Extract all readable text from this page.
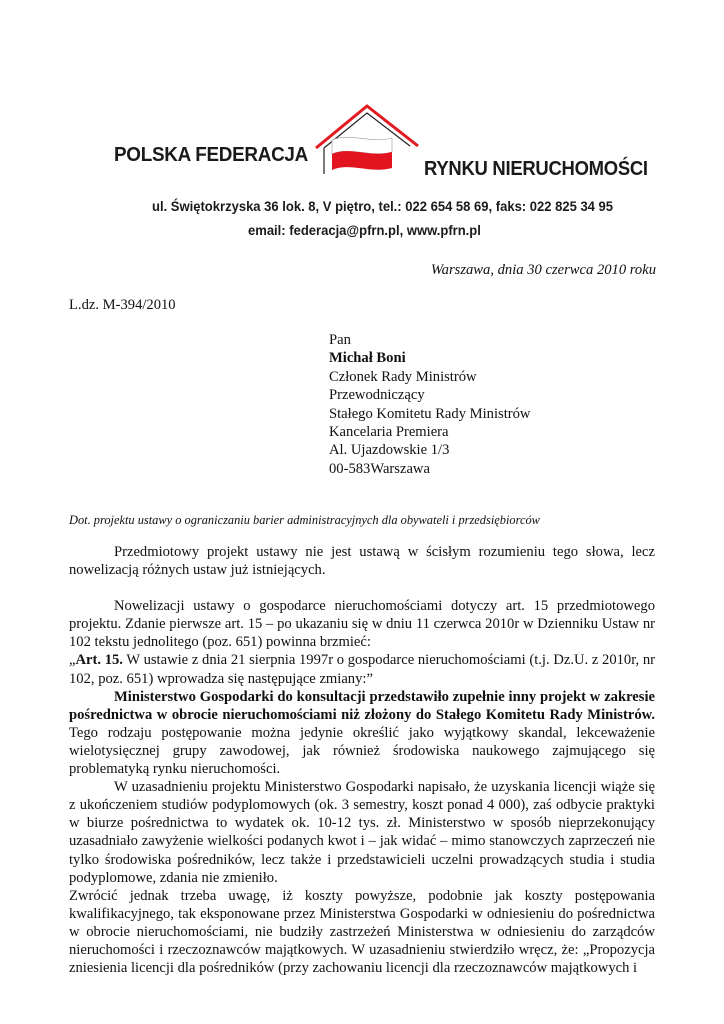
POLSKA FEDERACJA
RYNKU NIERUCHOMOŚCI
ul. Świętokrzyska 36 lok. 8, V piętro, tel.: 022 654 58 69, faks: 022 825 34 95
email: federacja@pfrn.pl, www.pfrn.pl
Warszawa, dnia 30 czerwca 2010 roku
L.dz. M-394/2010
Pan
Michał Boni
Członek Rady Ministrów
Przewodniczący
Stałego Komitetu Rady Ministrów
Kancelaria Premiera
Al. Ujazdowskie 1/3
00-583Warszawa
Dot. projektu ustawy o ograniczaniu barier administracyjnych dla obywateli i przedsiębiorców

Przedmiotowy projekt ustawy nie jest ustawą w ścisłym rozumieniu tego słowa, lecz nowelizacją różnych ustaw już istniejących.

Nowelizacji ustawy o gospodarce nieruchomościami dotyczy art. 15 przedmiotowego projektu. Zdanie pierwsze art. 15 – po ukazaniu się w dniu 11 czerwca 2010r w Dzienniku Ustaw nr 102 tekstu jednolitego (poz. 651) powinna brzmieć:

„Art. 15. W ustawie z dnia 21 sierpnia 1997r o gospodarce nieruchomościami (t.j. Dz.U. z 2010r, nr 102, poz. 651) wprowadza się następujące zmiany:”

Ministerstwo Gospodarki do konsultacji przedstawiło zupełnie inny projekt w zakresie pośrednictwa w obrocie nieruchomościami niż złożony do Stałego Komitetu Rady Ministrów. Tego rodzaju postępowanie można jedynie określić jako wyjątkowy skandal, lekceważenie wielotysięcznej grupy zawodowej, jak również środowiska naukowego zajmującego się problematyką rynku nieruchomości.

W uzasadnieniu projektu Ministerstwo Gospodarki napisało, że uzyskania licencji wiąże się z ukończeniem studiów podyplomowych (ok. 3 semestry, koszt ponad 4 000), zaś odbycie praktyki w biurze pośrednictwa to wydatek ok. 10-12 tys. zł. Ministerstwo w sposób nieprzekonujący uzasadniało zawyżenie wielkości podanych kwot i – jak widać – mimo stanowczych zaprzeczeń nie tylko środowiska pośredników, lecz także i przedstawicieli uczelni prowadzących studia i studia podyplomowe, zdania nie zmieniło.

Zwrócić jednak trzeba uwagę, iż koszty powyższe, podobnie jak koszty postępowania kwalifikacyjnego, tak eksponowane przez Ministerstwa Gospodarki w odniesieniu do pośrednictwa w obrocie nieruchomościami, nie budziły zastrzeżeń Ministerstwa w odniesieniu do zarządców nieruchomości i rzeczoznawców majątkowych. W uzasadnieniu stwierdziło wręcz, że: „Propozycja zniesienia licencji dla pośredników (przy zachowaniu licencji dla rzeczoznawców majątkowych i
